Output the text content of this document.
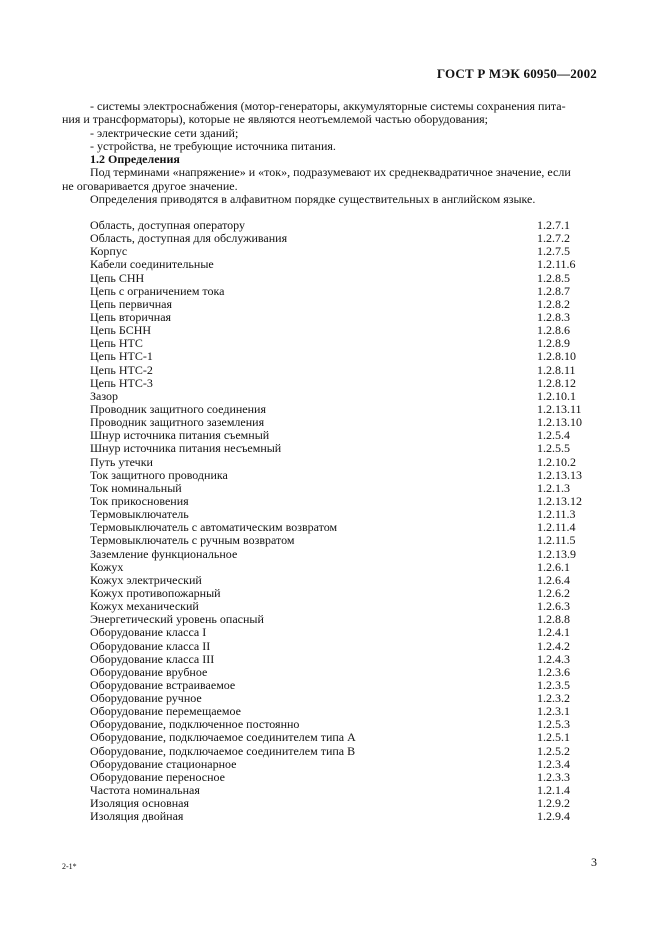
ГОСТ Р МЭК 60950—2002
- системы электроснабжения (мотор-генераторы, аккумуляторные системы сохранения пита-
ния и трансформаторы), которые не являются неотъемлемой частью оборудования;
- электрические сети зданий;
- устройства, не требующие источника питания.
1.2 Определения
Под терминами «напряжение» и «ток», подразумевают их среднеквадратичное значение, если
не оговаривается другое значение.
Определения приводятся в алфавитном порядке существительных в английском языке.
Область, доступная оператору	1.2.7.1
Область, доступная для обслуживания	1.2.7.2
Корпус	1.2.7.5
Кабели соединительные	1.2.11.6
Цепь СНН	1.2.8.5
Цепь с ограничением тока	1.2.8.7
Цепь первичная	1.2.8.2
Цепь вторичная	1.2.8.3
Цепь БСНН	1.2.8.6
Цепь НТС	1.2.8.9
Цепь НТС-1	1.2.8.10
Цепь НТС-2	1.2.8.11
Цепь НТС-3	1.2.8.12
Зазор	1.2.10.1
Проводник защитного соединения	1.2.13.11
Проводник защитного заземления	1.2.13.10
Шнур источника питания съемный	1.2.5.4
Шнур источника питания несъемный	1.2.5.5
Путь утечки	1.2.10.2
Ток защитного проводника	1.2.13.13
Ток номинальный	1.2.1.3
Ток прикосновения	1.2.13.12
Термовыключатель	1.2.11.3
Термовыключатель с автоматическим возвратом	1.2.11.4
Термовыключатель с ручным возвратом	1.2.11.5
Заземление функциональное	1.2.13.9
Кожух	1.2.6.1
Кожух электрический	1.2.6.4
Кожух противопожарный	1.2.6.2
Кожух механический	1.2.6.3
Энергетический уровень опасный	1.2.8.8
Оборудование класса I	1.2.4.1
Оборудование класса II	1.2.4.2
Оборудование класса III	1.2.4.3
Оборудование врубное	1.2.3.6
Оборудование встраиваемое	1.2.3.5
Оборудование ручное	1.2.3.2
Оборудование перемещаемое	1.2.3.1
Оборудование, подключенное постоянно	1.2.5.3
Оборудование, подключаемое соединителем типа А	1.2.5.1
Оборудование, подключаемое соединителем типа В	1.2.5.2
Оборудование стационарное	1.2.3.4
Оборудование переносное	1.2.3.3
Частота номинальная	1.2.1.4
Изоляция основная	1.2.9.2
Изоляция двойная	1.2.9.4
2-1*	3
